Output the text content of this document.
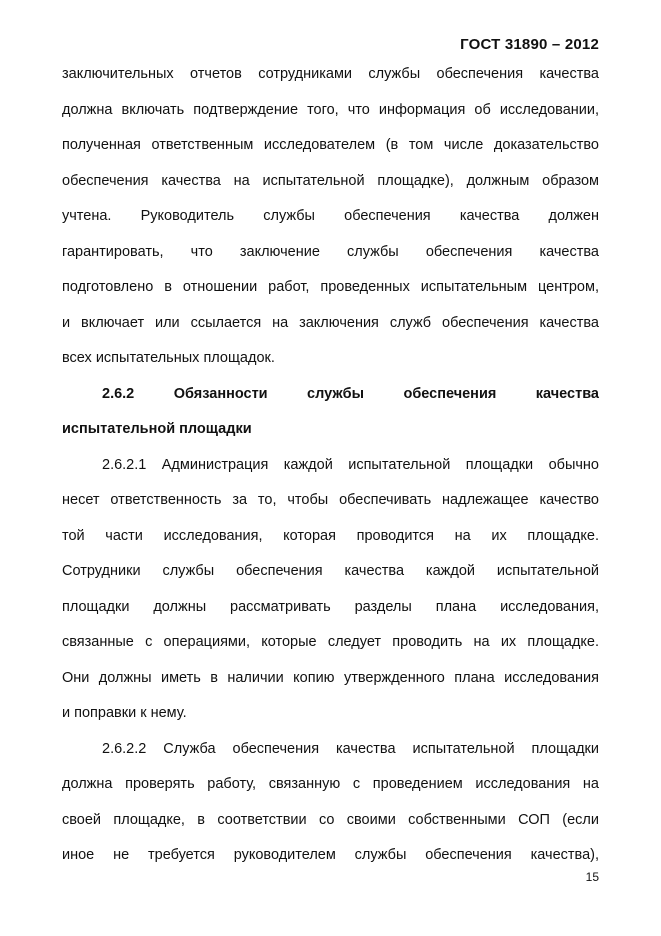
ГОСТ 31890 – 2012
заключительных отчетов сотрудниками службы обеспечения качества
должна включать подтверждение того, что информация об исследовании,
полученная ответственным исследователем (в том числе доказательство
обеспечения качества на испытательной площадке), должным образом
учтена. Руководитель службы обеспечения качества должен
гарантировать, что заключение службы обеспечения качества
подготовлено в отношении работ, проведенных испытательным центром,
и включает или ссылается на заключения служб обеспечения качества
всех испытательных площадок.
2.6.2 Обязанности службы обеспечения качества
испытательной площадки
2.6.2.1 Администрация каждой испытательной площадки обычно
несет ответственность за то, чтобы обеспечивать надлежащее качество
той части исследования, которая проводится на их площадке.
Сотрудники службы обеспечения качества каждой испытательной
площадки должны рассматривать разделы плана исследования,
связанные с операциями, которые следует проводить на их площадке.
Они должны иметь в наличии копию утвержденного плана исследования
и поправки к нему.
2.6.2.2 Служба обеспечения качества испытательной площадки
должна проверять работу, связанную с проведением исследования на
своей площадке, в соответствии со своими собственными СОП (если
иное не требуется руководителем службы обеспечения качества),
15
